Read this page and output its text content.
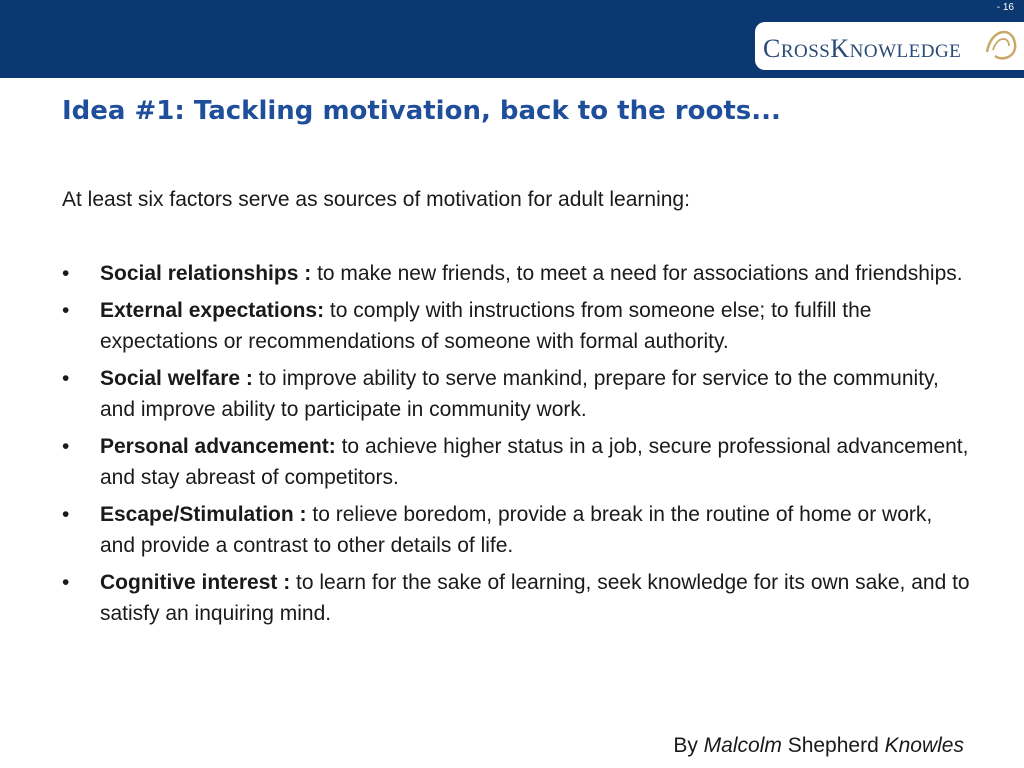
- 16
CROSSKNOWLEDGE
Idea #1: Tackling motivation, back to the roots...

At least six factors serve as sources of motivation for adult learning:

•	Social relationships : to make new friends, to meet a need for associations and friendships.
•	External expectations: to comply with instructions from someone else; to fulfill the expectations or recommendations of someone with formal authority.
•	Social welfare : to improve ability to serve mankind, prepare for service to the community, and improve ability to participate in community work.
•	Personal advancement: to achieve higher status in a job, secure professional advancement, and stay abreast of competitors.
•	Escape/Stimulation : to relieve boredom, provide a break in the routine of home or work, and provide a contrast to other details of life.
•	Cognitive interest : to learn for the sake of learning, seek knowledge for its own sake, and to satisfy an inquiring mind.
By Malcolm Shepherd Knowles
